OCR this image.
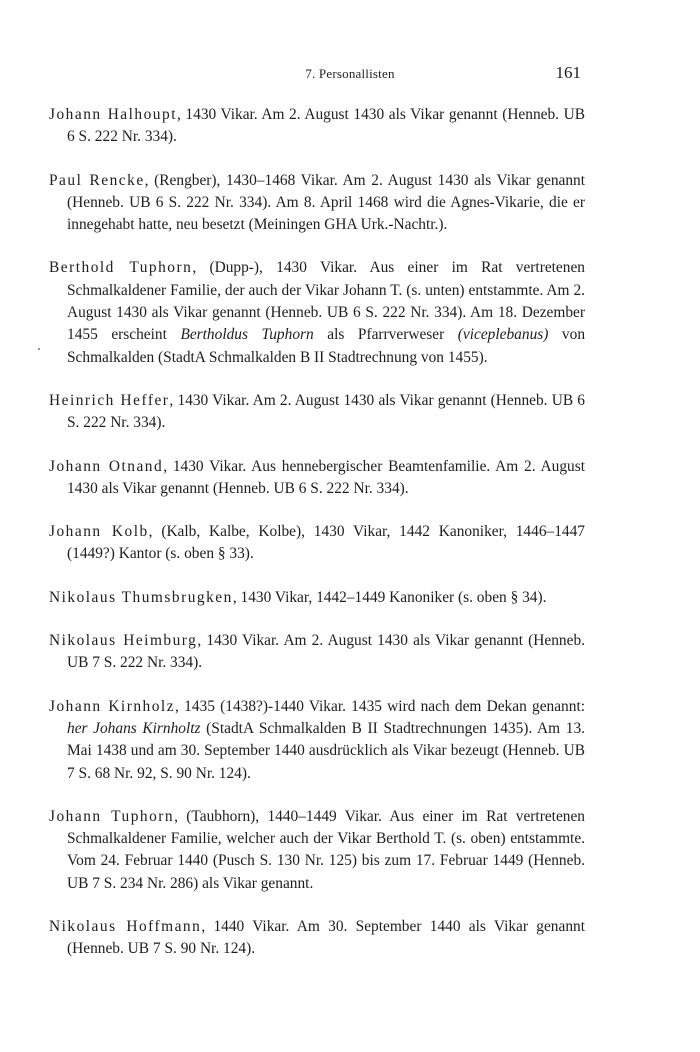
7. Personallisten	161

Johann Halhoupt , 1430 Vikar. Am 2. August 1430 als Vikar genannt (Henneb. UB 6 S. 222 Nr. 334).

Paul Rencke , (Rengber), 1430–1468 Vikar. Am 2. August 1430 als Vikar genannt (Henneb. UB 6 S. 222 Nr. 334). Am 8. April 1468 wird die Agnes-Vikarie, die er innegehabt hatte, neu besetzt (Meiningen GHA Urk.-Nachtr.).

Berthold Tuphorn , (Dupp-), 1430 Vikar. Aus einer im Rat vertretenen Schmalkaldener Familie, der auch der Vikar Johann T. (s. unten) entstammte. Am 2. August 1430 als Vikar genannt (Henneb. UB 6 S. 222 Nr. 334). Am 18. Dezember 1455 erscheint Bertholdus Tuphorn als Pfarrverweser (viceplebanus) von Schmalkalden (StadtA Schmalkalden B II Stadtrechnung von 1455).

Heinrich Heffer , 1430 Vikar. Am 2. August 1430 als Vikar genannt (Henneb. UB 6 S. 222 Nr. 334).

Johann Otnand , 1430 Vikar. Aus hennebergischer Beamtenfamilie. Am 2. August 1430 als Vikar genannt (Henneb. UB 6 S. 222 Nr. 334).

Johann Kolb , (Kalb, Kalbe, Kolbe), 1430 Vikar, 1442 Kanoniker, 1446–1447 (1449?) Kantor (s. oben § 33).

Nikolaus Thumsbrugken , 1430 Vikar, 1442–1449 Kanoniker (s. oben § 34).

Nikolaus Heimburg , 1430 Vikar. Am 2. August 1430 als Vikar genannt (Henneb. UB 7 S. 222 Nr. 334).

Johann Kirnholz , 1435 (1438?)-1440 Vikar. 1435 wird nach dem Dekan genannt: her Johans Kirnholtz (StadtA Schmalkalden B II Stadtrechnungen 1435). Am 13. Mai 1438 und am 30. September 1440 ausdrücklich als Vikar bezeugt (Henneb. UB 7 S. 68 Nr. 92, S. 90 Nr. 124).

Johann Tuphorn , (Taubhorn), 1440–1449 Vikar. Aus einer im Rat vertretenen Schmalkaldener Familie, welcher auch der Vikar Berthold T. (s. oben) entstammte. Vom 24. Februar 1440 (Pusch S. 130 Nr. 125) bis zum 17. Februar 1449 (Henneb. UB 7 S. 234 Nr. 286) als Vikar genannt.

Nikolaus Hoffmann , 1440 Vikar. Am 30. September 1440 als Vikar genannt (Henneb. UB 7 S. 90 Nr. 124).
